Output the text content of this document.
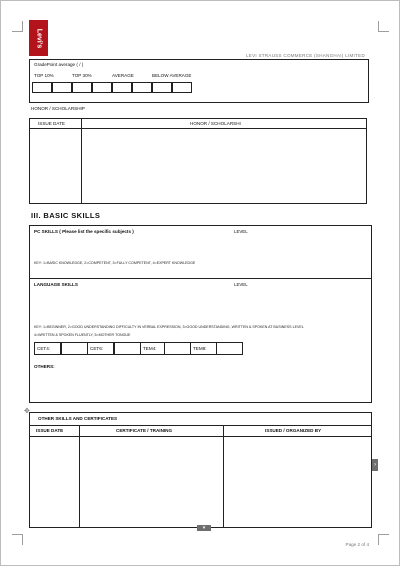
Levi's
LEVI STRAUSS COMMERCE (SHANGHAI) LIMITED
GradePoint average ( / )
TOP 10%	TOP 30%	AVERAGE	BELOW AVERAGE
HONOR / SCHOLARSHIP
ISSUE DATE	HONOR / SCHOLARSHI
III. BASIC SKILLS
PC SKILLS ( Please list the specific subjects )	LEVEL
KEY: 1=BASIC KNOWLEDGE, 2=COMPETENT, 3=FULLY COMPETENT, 4=EXPERT KNOWLEDGE
LANGUAGE SKILLS	LEVEL
KEY: 1=BEGINNER, 2=GOOD UNDERSTANDING DIFFICULTY IN VERBAL EXPRESSION, 3=GOOD UNDERSTANDING, WRITTEN & SPOKEN AT BUSINESS LEVEL
4=WRITTEN & SPOKEN FLUENTLY, 5=MOTHER TONGUE
CET4:	CET6:	TEM4:	TEM8:
OTHERS:
✥
OTHER SKILLS AND CERTIFICATES
ISSUE DATE	CERTIFICATE / TRAINING	ISSUED / ORGANIZED BY
›
▾
Page 2 of 4
